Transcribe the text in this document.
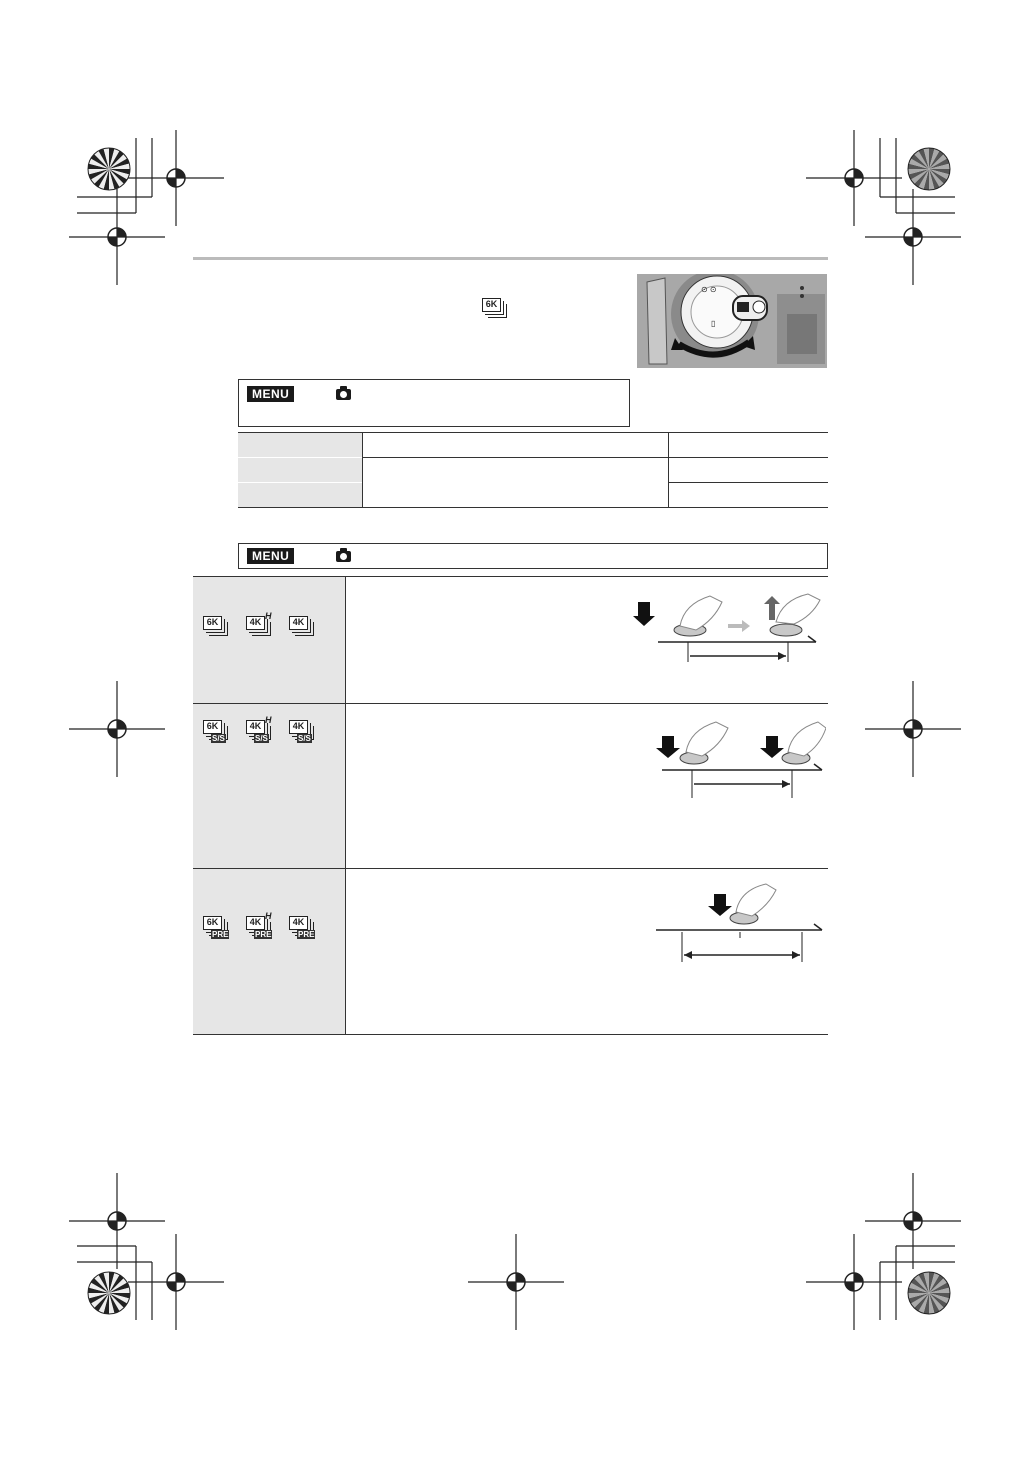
6K
⊙ ⊙
▯
MENU
MENU
6K	4K
H
4K
6K
S/S
4K
H
S/S
4K
S/S
6K
PRE
4K
H
PRE
4K
PRE
